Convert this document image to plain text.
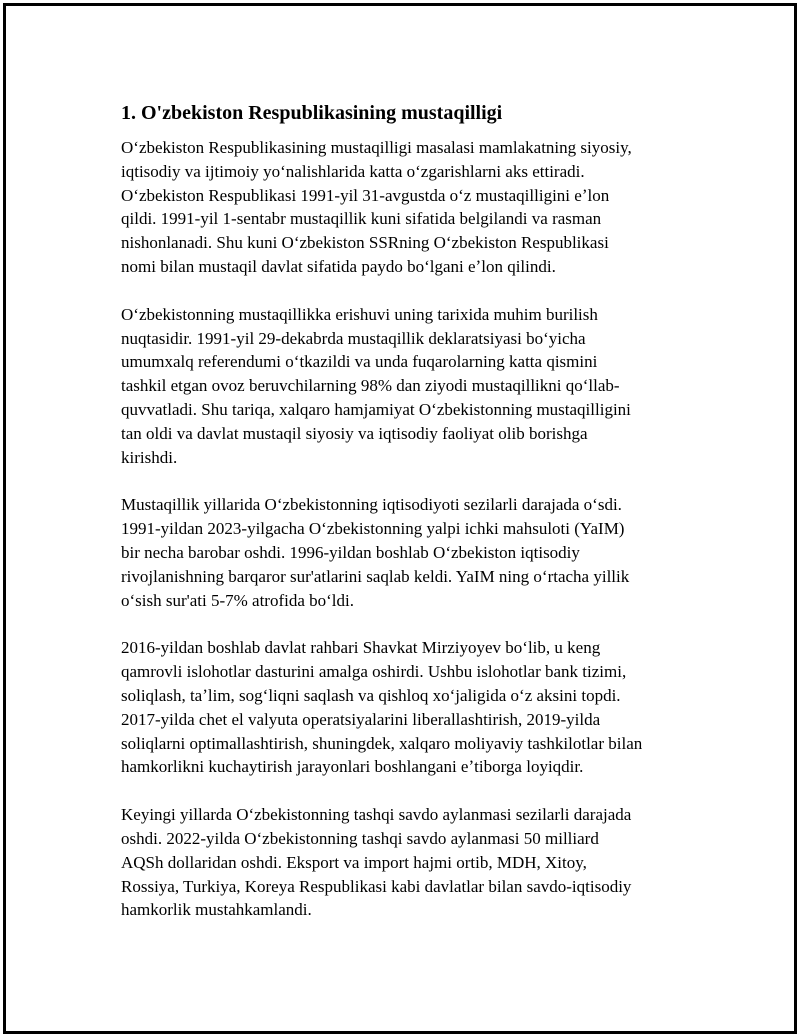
1. O'zbekiston Respublikasining mustaqilligi

Oʻzbekiston Respublikasining mustaqilligi masalasi mamlakatning siyosiy,
iqtisodiy va ijtimoiy yoʻnalishlarida katta oʻzgarishlarni aks ettiradi.
Oʻzbekiston Respublikasi 1991-yil 31-avgustda oʻz mustaqilligini eʼlon
qildi. 1991-yil 1-sentabr mustaqillik kuni sifatida belgilandi va rasman
nishonlanadi. Shu kuni Oʻzbekiston SSRning Oʻzbekiston Respublikasi
nomi bilan mustaqil davlat sifatida paydo boʻlgani eʼlon qilindi.

Oʻzbekistonning mustaqillikka erishuvi uning tarixida muhim burilish
nuqtasidir. 1991-yil 29-dekabrda mustaqillik deklaratsiyasi boʻyicha
umumxalq referendumi oʻtkazildi va unda fuqarolarning katta qismini
tashkil etgan ovoz beruvchilarning 98% dan ziyodi mustaqillikni qoʻllab-
quvvatladi. Shu tariqa, xalqaro hamjamiyat Oʻzbekistonning mustaqilligini
tan oldi va davlat mustaqil siyosiy va iqtisodiy faoliyat olib borishga
kirishdi.

Mustaqillik yillarida Oʻzbekistonning iqtisodiyoti sezilarli darajada oʻsdi.
1991-yildan 2023-yilgacha Oʻzbekistonning yalpi ichki mahsuloti (YaIM)
bir necha barobar oshdi. 1996-yildan boshlab Oʻzbekiston iqtisodiy
rivojlanishning barqaror sur'atlarini saqlab keldi. YaIM ning oʻrtacha yillik
oʻsish sur'ati 5-7% atrofida boʻldi.

2016-yildan boshlab davlat rahbari Shavkat Mirziyoyev boʻlib, u keng
qamrovli islohotlar dasturini amalga oshirdi. Ushbu islohotlar bank tizimi,
soliqlash, taʼlim, sogʻliqni saqlash va qishloq xoʻjaligida oʻz aksini topdi.
2017-yilda chet el valyuta operatsiyalarini liberallashtirish, 2019-yilda
soliqlarni optimallashtirish, shuningdek, xalqaro moliyaviy tashkilotlar bilan
hamkorlikni kuchaytirish jarayonlari boshlangani eʼtiborga loyiqdir.

Keyingi yillarda Oʻzbekistonning tashqi savdo aylanmasi sezilarli darajada
oshdi. 2022-yilda Oʻzbekistonning tashqi savdo aylanmasi 50 milliard
AQSh dollaridan oshdi. Eksport va import hajmi ortib, MDH, Xitoy,
Rossiya, Turkiya, Koreya Respublikasi kabi davlatlar bilan savdo-iqtisodiy
hamkorlik mustahkamlandi.
